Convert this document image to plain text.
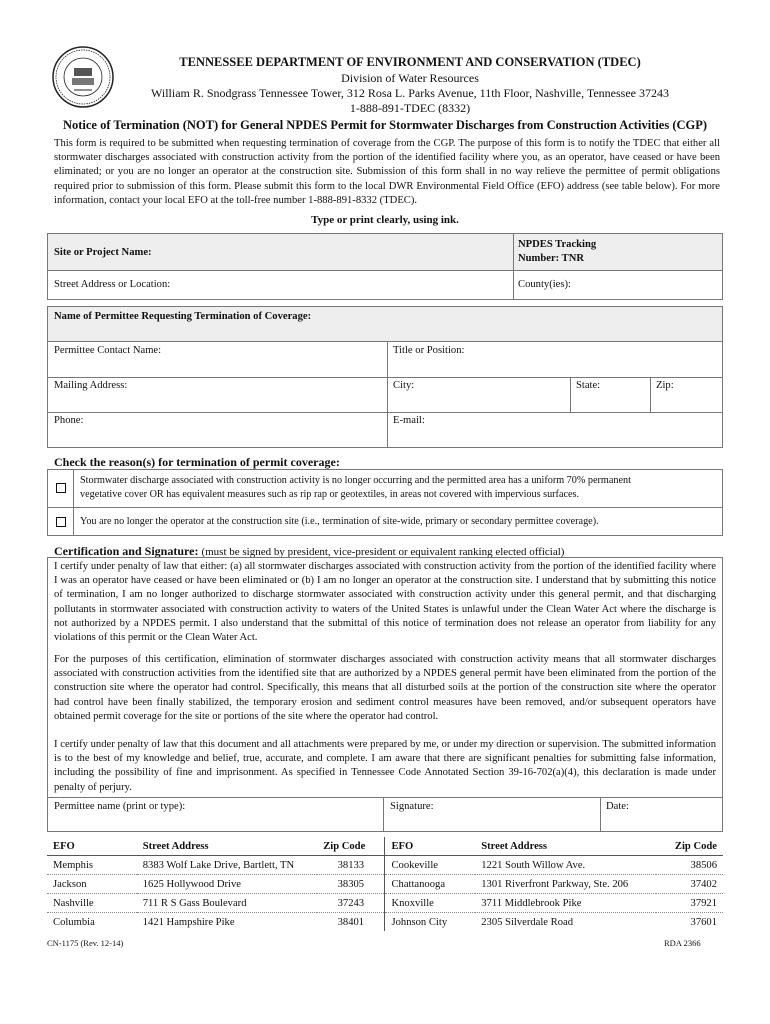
TENNESSEE DEPARTMENT OF ENVIRONMENT AND CONSERVATION (TDEC)
Division of Water Resources
William R. Snodgrass Tennessee Tower, 312 Rosa L. Parks Avenue, 11th Floor, Nashville, Tennessee 37243
1-888-891-TDEC (8332)
Notice of Termination (NOT) for General NPDES Permit for Stormwater Discharges from Construction Activities (CGP)
This form is required to be submitted when requesting termination of coverage from the CGP. The purpose of this form is to notify the TDEC that either all stormwater discharges associated with construction activity from the portion of the identified facility where you, as an operator, have ceased or have been eliminated; or you are no longer an operator at the construction site. Submission of this form shall in no way relieve the permittee of permit obligations required prior to submission of this form. Please submit this form to the local DWR Environmental Field Office (EFO) address (see table below). For more information, contact your local EFO at the toll-free number 1-888-891-8332 (TDEC).
Type or print clearly, using ink.
Site or Project Name:
NPDES Tracking
Number: TNR
Street Address or Location:	County(ies):
Name of Permittee Requesting Termination of Coverage:
Permittee Contact Name:	Title or Position:
Mailing Address:	City:	State:	Zip:
Phone:	E-mail:
Check the reason(s) for termination of permit coverage:
Stormwater discharge associated with construction activity is no longer occurring and the permitted area has a uniform 70% permanent
vegetative cover OR has equivalent measures such as rip rap or geotextiles, in areas not covered with impervious surfaces.
You are no longer the operator at the construction site (i.e., termination of site-wide, primary or secondary permittee coverage).
Certification and Signature: (must be signed by president, vice-president or equivalent ranking elected official)
I certify under penalty of law that either: (a) all stormwater discharges associated with construction activity from the portion of the identified facility where I was an operator have ceased or have been eliminated or (b) I am no longer an operator at the construction site. I understand that by submitting this notice of termination, I am no longer authorized to discharge stormwater associated with construction activity under this general permit, and that discharging pollutants in stormwater associated with construction activity to waters of the United States is unlawful under the Clean Water Act where the discharge is not authorized by a NPDES permit. I also understand that the submittal of this notice of termination does not release an operator from liability for any violations of this permit or the Clean Water Act.
For the purposes of this certification, elimination of stormwater discharges associated with construction activity means that all stormwater discharges associated with construction activities from the identified site that are authorized by a NPDES general permit have been eliminated from the portion of the construction site where the operator had control. Specifically, this means that all disturbed soils at the portion of the construction site where the operator had control have been finally stabilized, the temporary erosion and sediment control measures have been removed, and/or subsequent operators have obtained permit coverage for the site or portions of the site where the operator had control.
I certify under penalty of law that this document and all attachments were prepared by me, or under my direction or supervision. The submitted information is to the best of my knowledge and belief, true, accurate, and complete. I am aware that there are significant penalties for submitting false information, including the possibility of fine and imprisonment. As specified in Tennessee Code Annotated Section 39-16-702(a)(4), this declaration is made under penalty of perjury.
Permittee name (print or type):	Signature:	Date:
EFO	Street Address	Zip Code	EFO	Street Address	Zip Code
Memphis	8383 Wolf Lake Drive, Bartlett, TN	38133	Cookeville	1221 South Willow Ave.	38506
Jackson	1625 Hollywood Drive	38305	Chattanooga	1301 Riverfront Parkway, Ste. 206	37402
Nashville	711 R S Gass Boulevard	37243	Knoxville	3711 Middlebrook Pike	37921
Columbia	1421 Hampshire Pike	38401	Johnson City	2305 Silverdale Road	37601
CN-1175 (Rev. 12-14)	RDA 2366
